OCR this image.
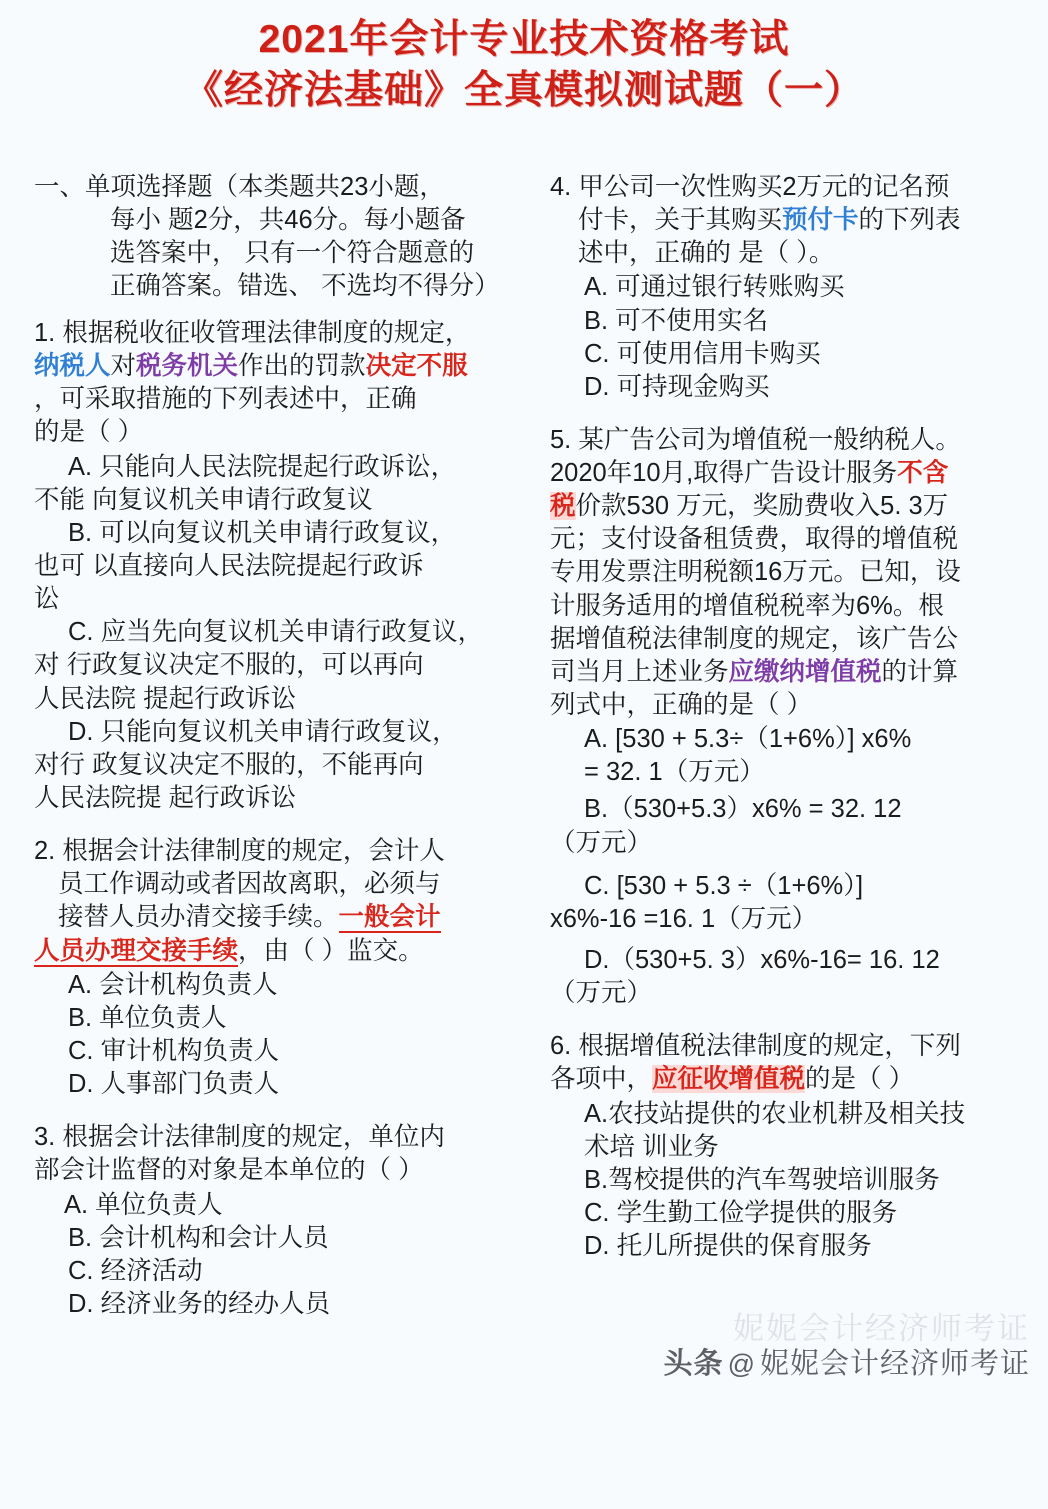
2021年会计专业技术资格考试
《经济法基础》全真模拟测试题（一）
一、单项选择题（本类题共23小题，
每小 题2分，共46分。每小题备
选答案中， 只有一个符合题意的
正确答案。错选、 不选均不得分）
1. 根据税收征收管理法律制度的规定，
纳税人对税务机关作出的罚款决定不服
，可采取措施的下列表述中，正确
的是（ ）
A. 只能向人民法院提起行政诉讼，
不能 向复议机关申请行政复议
B. 可以向复议机关申请行政复议，
也可 以直接向人民法院提起行政诉
讼
C. 应当先向复议机关申请行政复议，
对 行政复议决定不服的，可以再向
人民法院 提起行政诉讼
D. 只能向复议机关申请行政复议，
对行 政复议决定不服的，不能再向
人民法院提 起行政诉讼
2. 根据会计法律制度的规定，会计人
员工作调动或者因故离职，必须与
接替人员办清交接手续。一般会计
人员办理交接手续，由（ ）监交。
A. 会计机构负责人
B. 单位负责人
C. 审计机构负责人
D. 人事部门负责人
3. 根据会计法律制度的规定，单位内
部会计监督的对象是本单位的（ ）
A. 单位负责人
B. 会计机构和会计人员
C. 经济活动
D. 经济业务的经办人员
4. 甲公司一次性购买2万元的记名预
付卡，关于其购买预付卡的下列表
述中，正确的 是（ ）。
A. 可通过银行转账购买
B. 可不使用实名
C. 可使用信用卡购买
D. 可持现金购买
5. 某广告公司为增值税一般纳税人。
2020年10月,取得广告设计服务不含
税价款530 万元，奖励费收入5. 3万
元；支付设备租赁费，取得的增值税
专用发票注明税额16万元。已知，设
计服务适用的增值税税率为6%。根
据增值税法律制度的规定，该广告公
司当月上述业务应缴纳增值税的计算
列式中，正确的是（ ）
A. [530 + 5.3÷（1+6%）] x6%
= 32. 1（万元）
B.（530+5.3）x6% = 32. 12
（万元）
C. [530 + 5.3 ÷（1+6%）]
x6%-16 =16. 1（万元）
D.（530+5. 3）x6%-16= 16. 12
（万元）
6. 根据增值税法律制度的规定，下列
各项中，应征收增值税的是（ ）
A.农技站提供的农业机耕及相关技
术培 训业务
B.驾校提供的汽车驾驶培训服务
C. 学生勤工俭学提供的服务
D. 托儿所提供的保育服务
妮妮会计经济师考证
头条 @ 妮妮会计经济师考证
